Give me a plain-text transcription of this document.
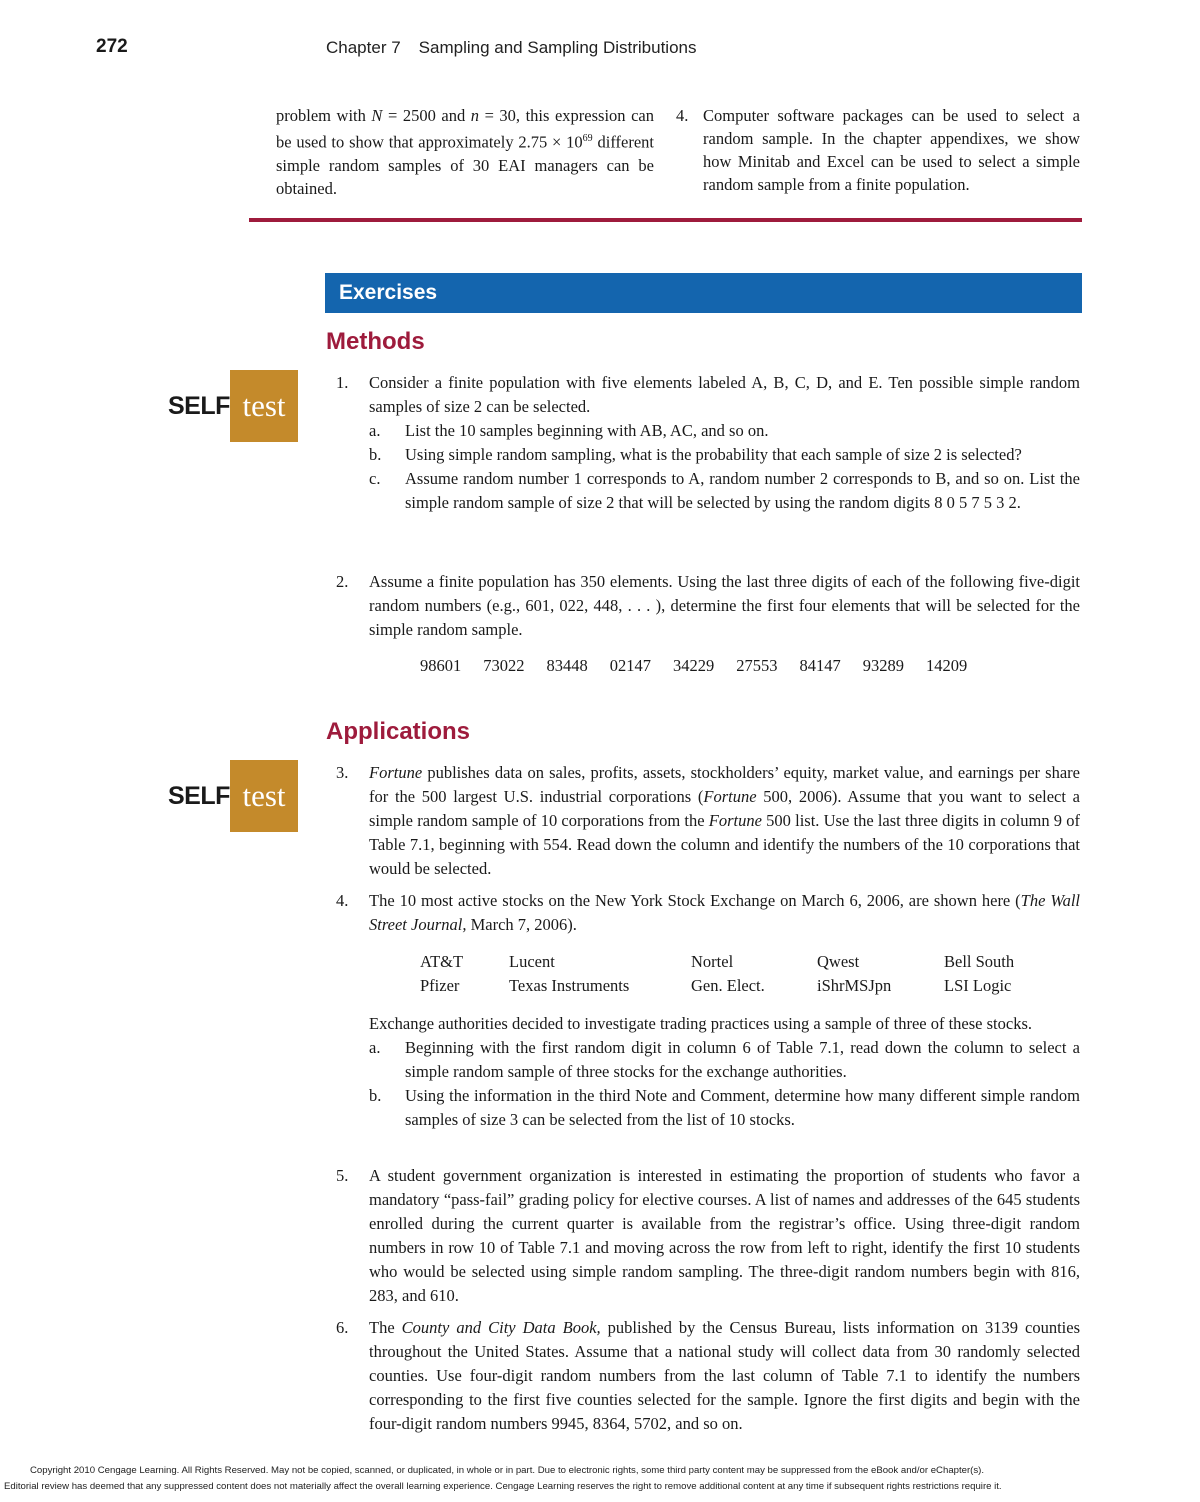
272	Chapter 7 Sampling and Sampling Distributions
problem with N = 2500 and n = 30, this expression can be used to show that approximately $2.75 \times 10^{69}$ different simple random samples of 30 EAI managers can be obtained.
4. Computer software packages can be used to select a random sample. In the chapter appendixes, we show how Minitab and Excel can be used to select a simple random sample from a finite population.
Exercises
Methods
SELF test
1.	Consider a finite population with five elements labeled A, B, C, D, and E. Ten possible simple random samples of size 2 can be selected.
a.	List the 10 samples beginning with AB, AC, and so on.
b.	Using simple random sampling, what is the probability that each sample of size 2 is selected?
c.	Assume random number 1 corresponds to A, random number 2 corresponds to B, and so on. List the simple random sample of size 2 that will be selected by using the random digits 8 0 5 7 5 3 2.
2.	Assume a finite population has 350 elements. Using the last three digits of each of the following five-digit random numbers (e.g., 601, 022, 448, . . . ), determine the first four elements that will be selected for the simple random sample.
98601 73022 83448 02147 34229 27553 84147 93289 14209
Applications
SELF test
3.	Fortune publishes data on sales, profits, assets, stockholders’ equity, market value, and earnings per share for the 500 largest U.S. industrial corporations (Fortune 500, 2006). Assume that you want to select a simple random sample of 10 corporations from the Fortune 500 list. Use the last three digits in column 9 of Table 7.1, beginning with 554. Read down the column and identify the numbers of the 10 corporations that would be selected.
4.	The 10 most active stocks on the New York Stock Exchange on March 6, 2006, are shown here (The Wall Street Journal, March 7, 2006).
AT&T	Lucent	Nortel	Qwest	Bell South
Pfizer	Texas Instruments	Gen. Elect.	iShrMSJpn	LSI Logic
Exchange authorities decided to investigate trading practices using a sample of three of these stocks.
a.	Beginning with the first random digit in column 6 of Table 7.1, read down the column to select a simple random sample of three stocks for the exchange authorities.
b.	Using the information in the third Note and Comment, determine how many different simple random samples of size 3 can be selected from the list of 10 stocks.
5.	A student government organization is interested in estimating the proportion of students who favor a mandatory “pass-fail” grading policy for elective courses. A list of names and addresses of the 645 students enrolled during the current quarter is available from the registrar’s office. Using three-digit random numbers in row 10 of Table 7.1 and moving across the row from left to right, identify the first 10 students who would be selected using simple random sampling. The three-digit random numbers begin with 816, 283, and 610.
6.	The County and City Data Book, published by the Census Bureau, lists information on 3139 counties throughout the United States. Assume that a national study will collect data from 30 randomly selected counties. Use four-digit random numbers from the last column of Table 7.1 to identify the numbers corresponding to the first five counties selected for the sample. Ignore the first digits and begin with the four-digit random numbers 9945, 8364, 5702, and so on.
Copyright 2010 Cengage Learning. All Rights Reserved. May not be copied, scanned, or duplicated, in whole or in part. Due to electronic rights, some third party content may be suppressed from the eBook and/or eChapter(s).
Editorial review has deemed that any suppressed content does not materially affect the overall learning experience. Cengage Learning reserves the right to remove additional content at any time if subsequent rights restrictions require it.
